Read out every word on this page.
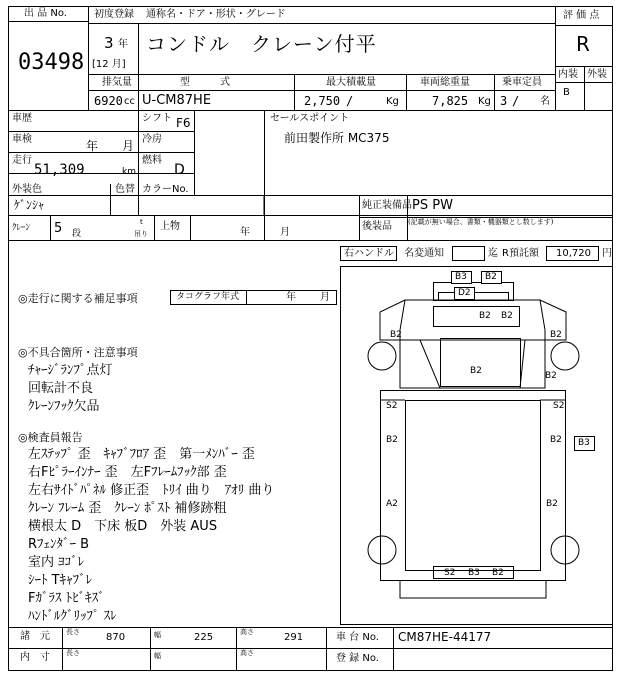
B3 B2
D2
B2 B2
B2	B2
B2	B2
S2	S2
B2	B2 B3
A2	B2
S2 B3 B2
出 品 No.
03498
初度登録 通称名・ドア・形状・グレード
3 年
[12 月]
コンドル　クレーン付平
評 価 点
R
内装 外装
B
排気量
6920 cc
型　　　式
U-CM87HE
最大積載量
2,750 /	Kg
車両総重量
7,825 Kg
乗車定員
3 / 名
車歴	シフト F6	セールスポイント
前田製作所 MC375
車検	年 月 冷房
走行
51,309	km
燃料
D
外装色
ｹﾞﾝｼｬ
色替 カラーNo.
純正装備品 PS PW
後装品 (記載が無い場合、書類・機器類とし数します)
ｸﾚｰﾝ 5 段
t
吊り
上物
年	月
右ハンドル 名変通知	迄 R預託額 10,720 円
◎走行に関する補足事項	タコグラフ年式	年 月
◎不具合箇所・注意事項
ﾁｬｰｼﾞﾗﾝﾌﾟ点灯
回転計不良
ｸﾚｰﾝﾌｯｸ欠品
◎検査員報告
左ｽﾃｯﾌﾟ 歪　ｷｬﾌﾞﾌﾛｱ 歪　第一ﾒﾝﾊﾞｰ 歪
右Fﾋﾟﾗｰｲﾝﾅｰ 歪　左Fﾌﾚｰﾑﾌｯｸ部 歪
左右ｻｲﾄﾞﾊﾟﾈﾙ 修正歪　ﾄﾘｲ 曲り　ｱｵﾘ 曲り
ｸﾚｰﾝ ﾌﾚｰﾑ 歪　ｸﾚｰﾝ ﾎﾟｽﾄ 補修跡粗
横根太 D　下床 板D　外装 AUS
Rﾌｪﾝﾀﾞｰ B
室内 ﾖｺﾞﾚ
ｼｰﾄ Tｷｬﾌﾞﾚ
Fｶﾞﾗｽ ﾄﾋﾞｷｽﾞ
ﾊﾝﾄﾞﾙｸﾞﾘｯﾌﾟ ｽﾚ
諸　元 長さ	870	幅	225	高さ	291	車 台 No. CM87HE-44177
内　寸 長さ	幅	高さ	登 録 No.
